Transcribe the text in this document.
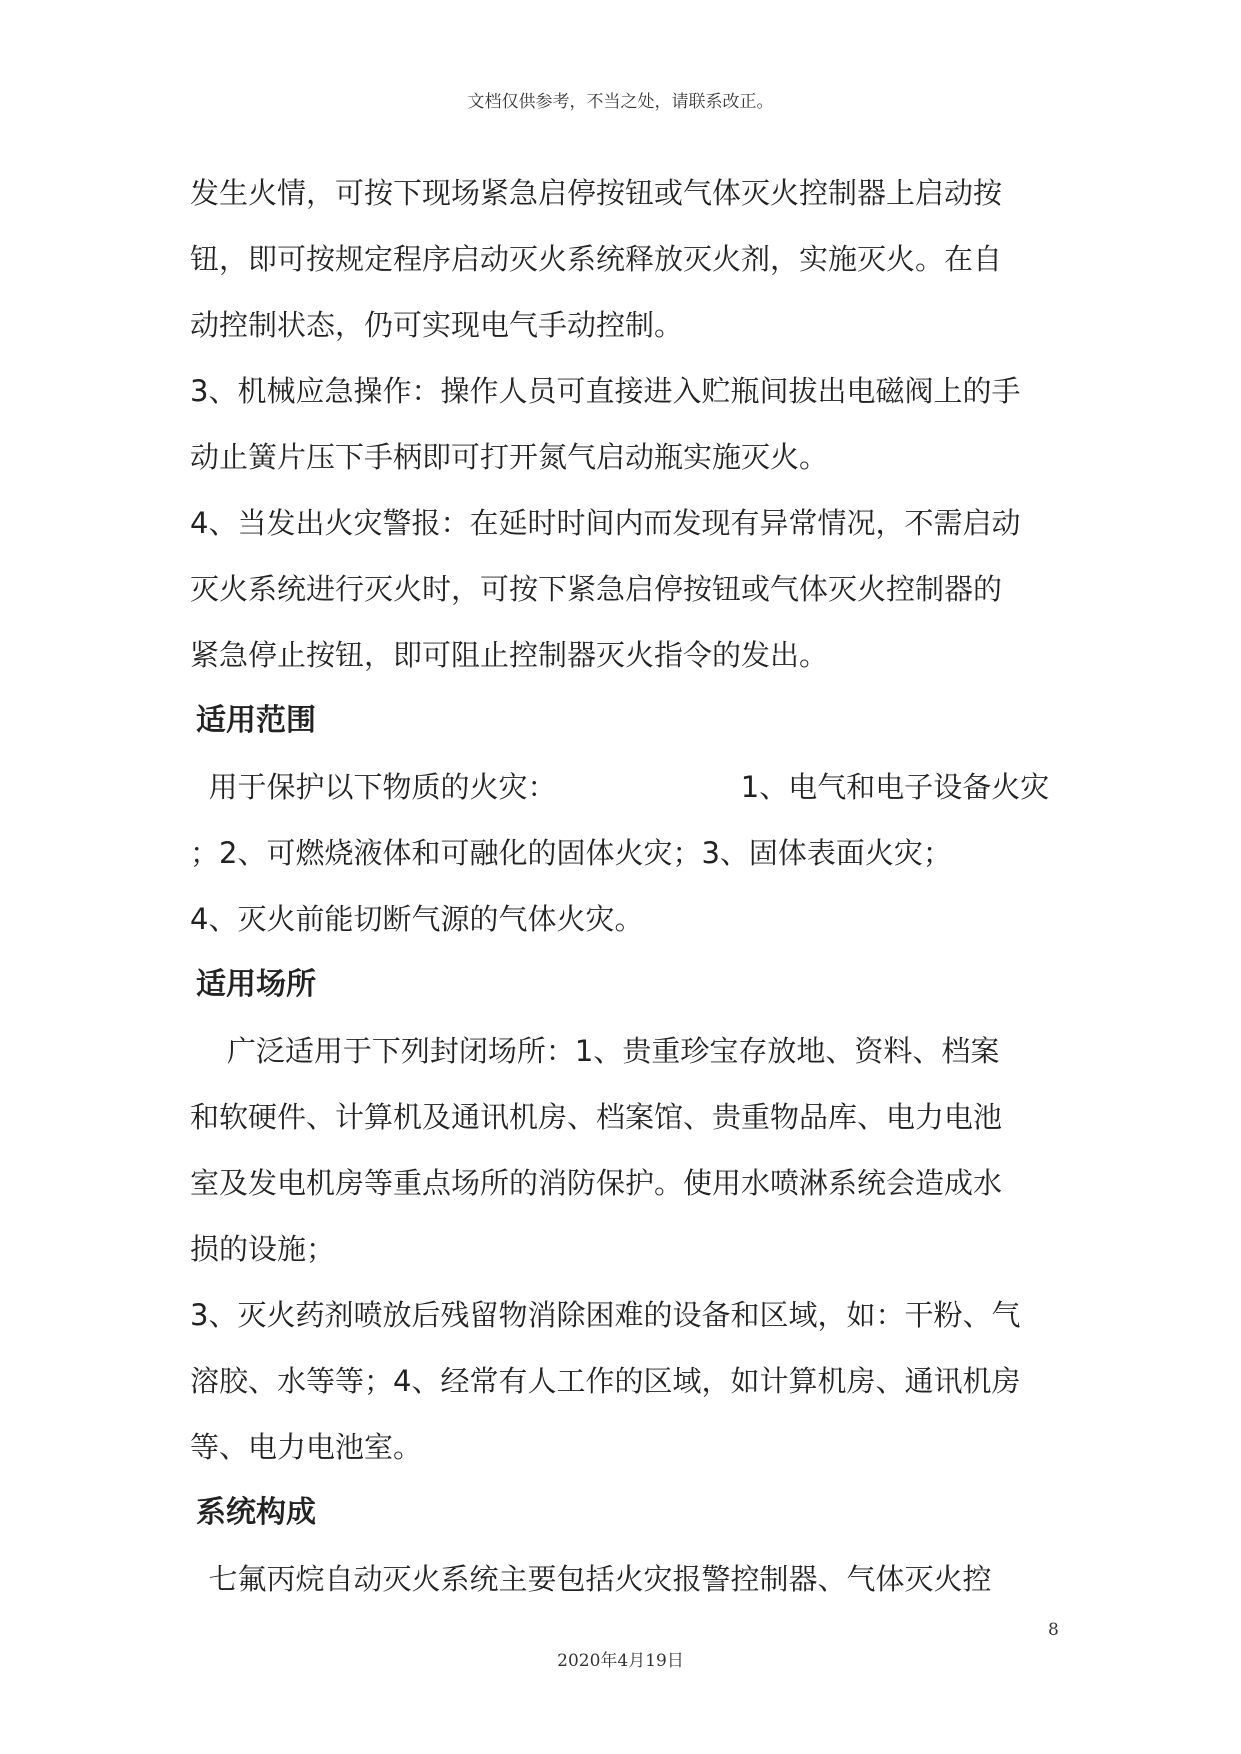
文档仅供参考，不当之处，请联系改正。

发生火情，可按下现场紧急启停按钮或气体灭火控制器上启动按

钮，即可按规定程序启动灭火系统释放灭火剂，实施灭火。在自

动控制状态，仍可实现电气手动控制。

3、机械应急操作：操作人员可直接进入贮瓶间拔出电磁阀上的手

动止簧片压下手柄即可打开氮气启动瓶实施灭火。

4、当发出火灾警报：在延时时间内而发现有异常情况，不需启动

灭火系统进行灭火时，可按下紧急启停按钮或气体灭火控制器的

紧急停止按钮，即可阻止控制器灭火指令的发出。

适用范围

用于保护以下物质的火灾：                    1、电气和电子设备火灾

；2、可燃烧液体和可融化的固体火灾；3、固体表面火灾；

4、灭火前能切断气源的气体火灾。

适用场所

广泛适用于下列封闭场所：1、贵重珍宝存放地、资料、档案

和软硬件、计算机及通讯机房、档案馆、贵重物品库、电力电池

室及发电机房等重点场所的消防保护。使用水喷淋系统会造成水

损的设施；

3、灭火药剂喷放后残留物消除困难的设备和区域，如：干粉、气

溶胶、水等等；4、经常有人工作的区域，如计算机房、通讯机房

等、电力电池室。

系统构成

七氟丙烷自动灭火系统主要包括火灾报警控制器、气体灭火控

8
2020年4月19日
